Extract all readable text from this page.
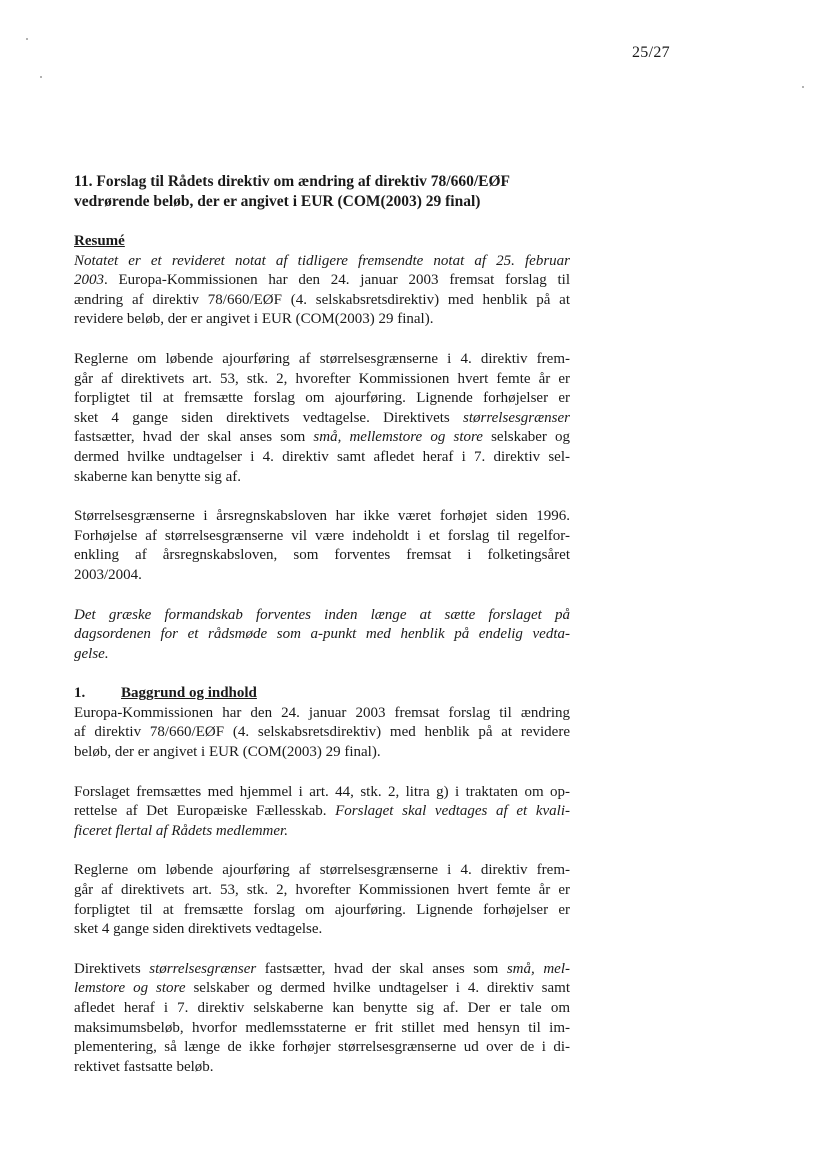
25/27

11. Forslag til Rådets direktiv om ændring af direktiv 78/660/EØF

vedrørende beløb, der er angivet i EUR (COM(2003) 29 final)

Resumé

Notatet er et revideret notat af tidligere fremsendte notat af 25. februar

2003. Europa-Kommissionen har den 24. januar 2003 fremsat forslag til

ændring af direktiv 78/660/EØF (4. selskabsretsdirektiv) med henblik på at

revidere beløb, der er angivet i EUR (COM(2003) 29 final).

Reglerne om løbende ajourføring af størrelsesgrænserne i 4. direktiv frem-

går af direktivets art. 53, stk. 2, hvorefter Kommissionen hvert femte år er

forpligtet til at fremsætte forslag om ajourføring. Lignende forhøjelser er

sket 4 gange siden direktivets vedtagelse. Direktivets størrelsesgrænser

fastsætter, hvad der skal anses som små, mellemstore og store selskaber og

dermed hvilke undtagelser i 4. direktiv samt afledet heraf i 7. direktiv sel-

skaberne kan benytte sig af.

Størrelsesgrænserne i årsregnskabsloven har ikke været forhøjet siden 1996.

Forhøjelse af størrelsesgrænserne vil være indeholdt i et forslag til regelfor-

enkling af årsregnskabsloven, som forventes fremsat i folketingsåret

2003/2004.

Det græske formandskab forventes inden længe at sætte forslaget på

dagsordenen for et rådsmøde som a-punkt med henblik på endelig vedta-

gelse.

1. Baggrund og indhold

Europa-Kommissionen har den 24. januar 2003 fremsat forslag til ændring

af direktiv 78/660/EØF (4. selskabsretsdirektiv) med henblik på at revidere

beløb, der er angivet i EUR (COM(2003) 29 final).

Forslaget fremsættes med hjemmel i art. 44, stk. 2, litra g) i traktaten om op-

rettelse af Det Europæiske Fællesskab. Forslaget skal vedtages af et kvali-

ficeret flertal af Rådets medlemmer.

Reglerne om løbende ajourføring af størrelsesgrænserne i 4. direktiv frem-

går af direktivets art. 53, stk. 2, hvorefter Kommissionen hvert femte år er

forpligtet til at fremsætte forslag om ajourføring. Lignende forhøjelser er

sket 4 gange siden direktivets vedtagelse.

Direktivets størrelsesgrænser fastsætter, hvad der skal anses som små, mel-

lemstore og store selskaber og dermed hvilke undtagelser i 4. direktiv samt

afledet heraf i 7. direktiv selskaberne kan benytte sig af. Der er tale om

maksimumsbeløb, hvorfor medlemsstaterne er frit stillet med hensyn til im-

plementering, så længe de ikke forhøjer størrelsesgrænserne ud over de i di-

rektivet fastsatte beløb.
